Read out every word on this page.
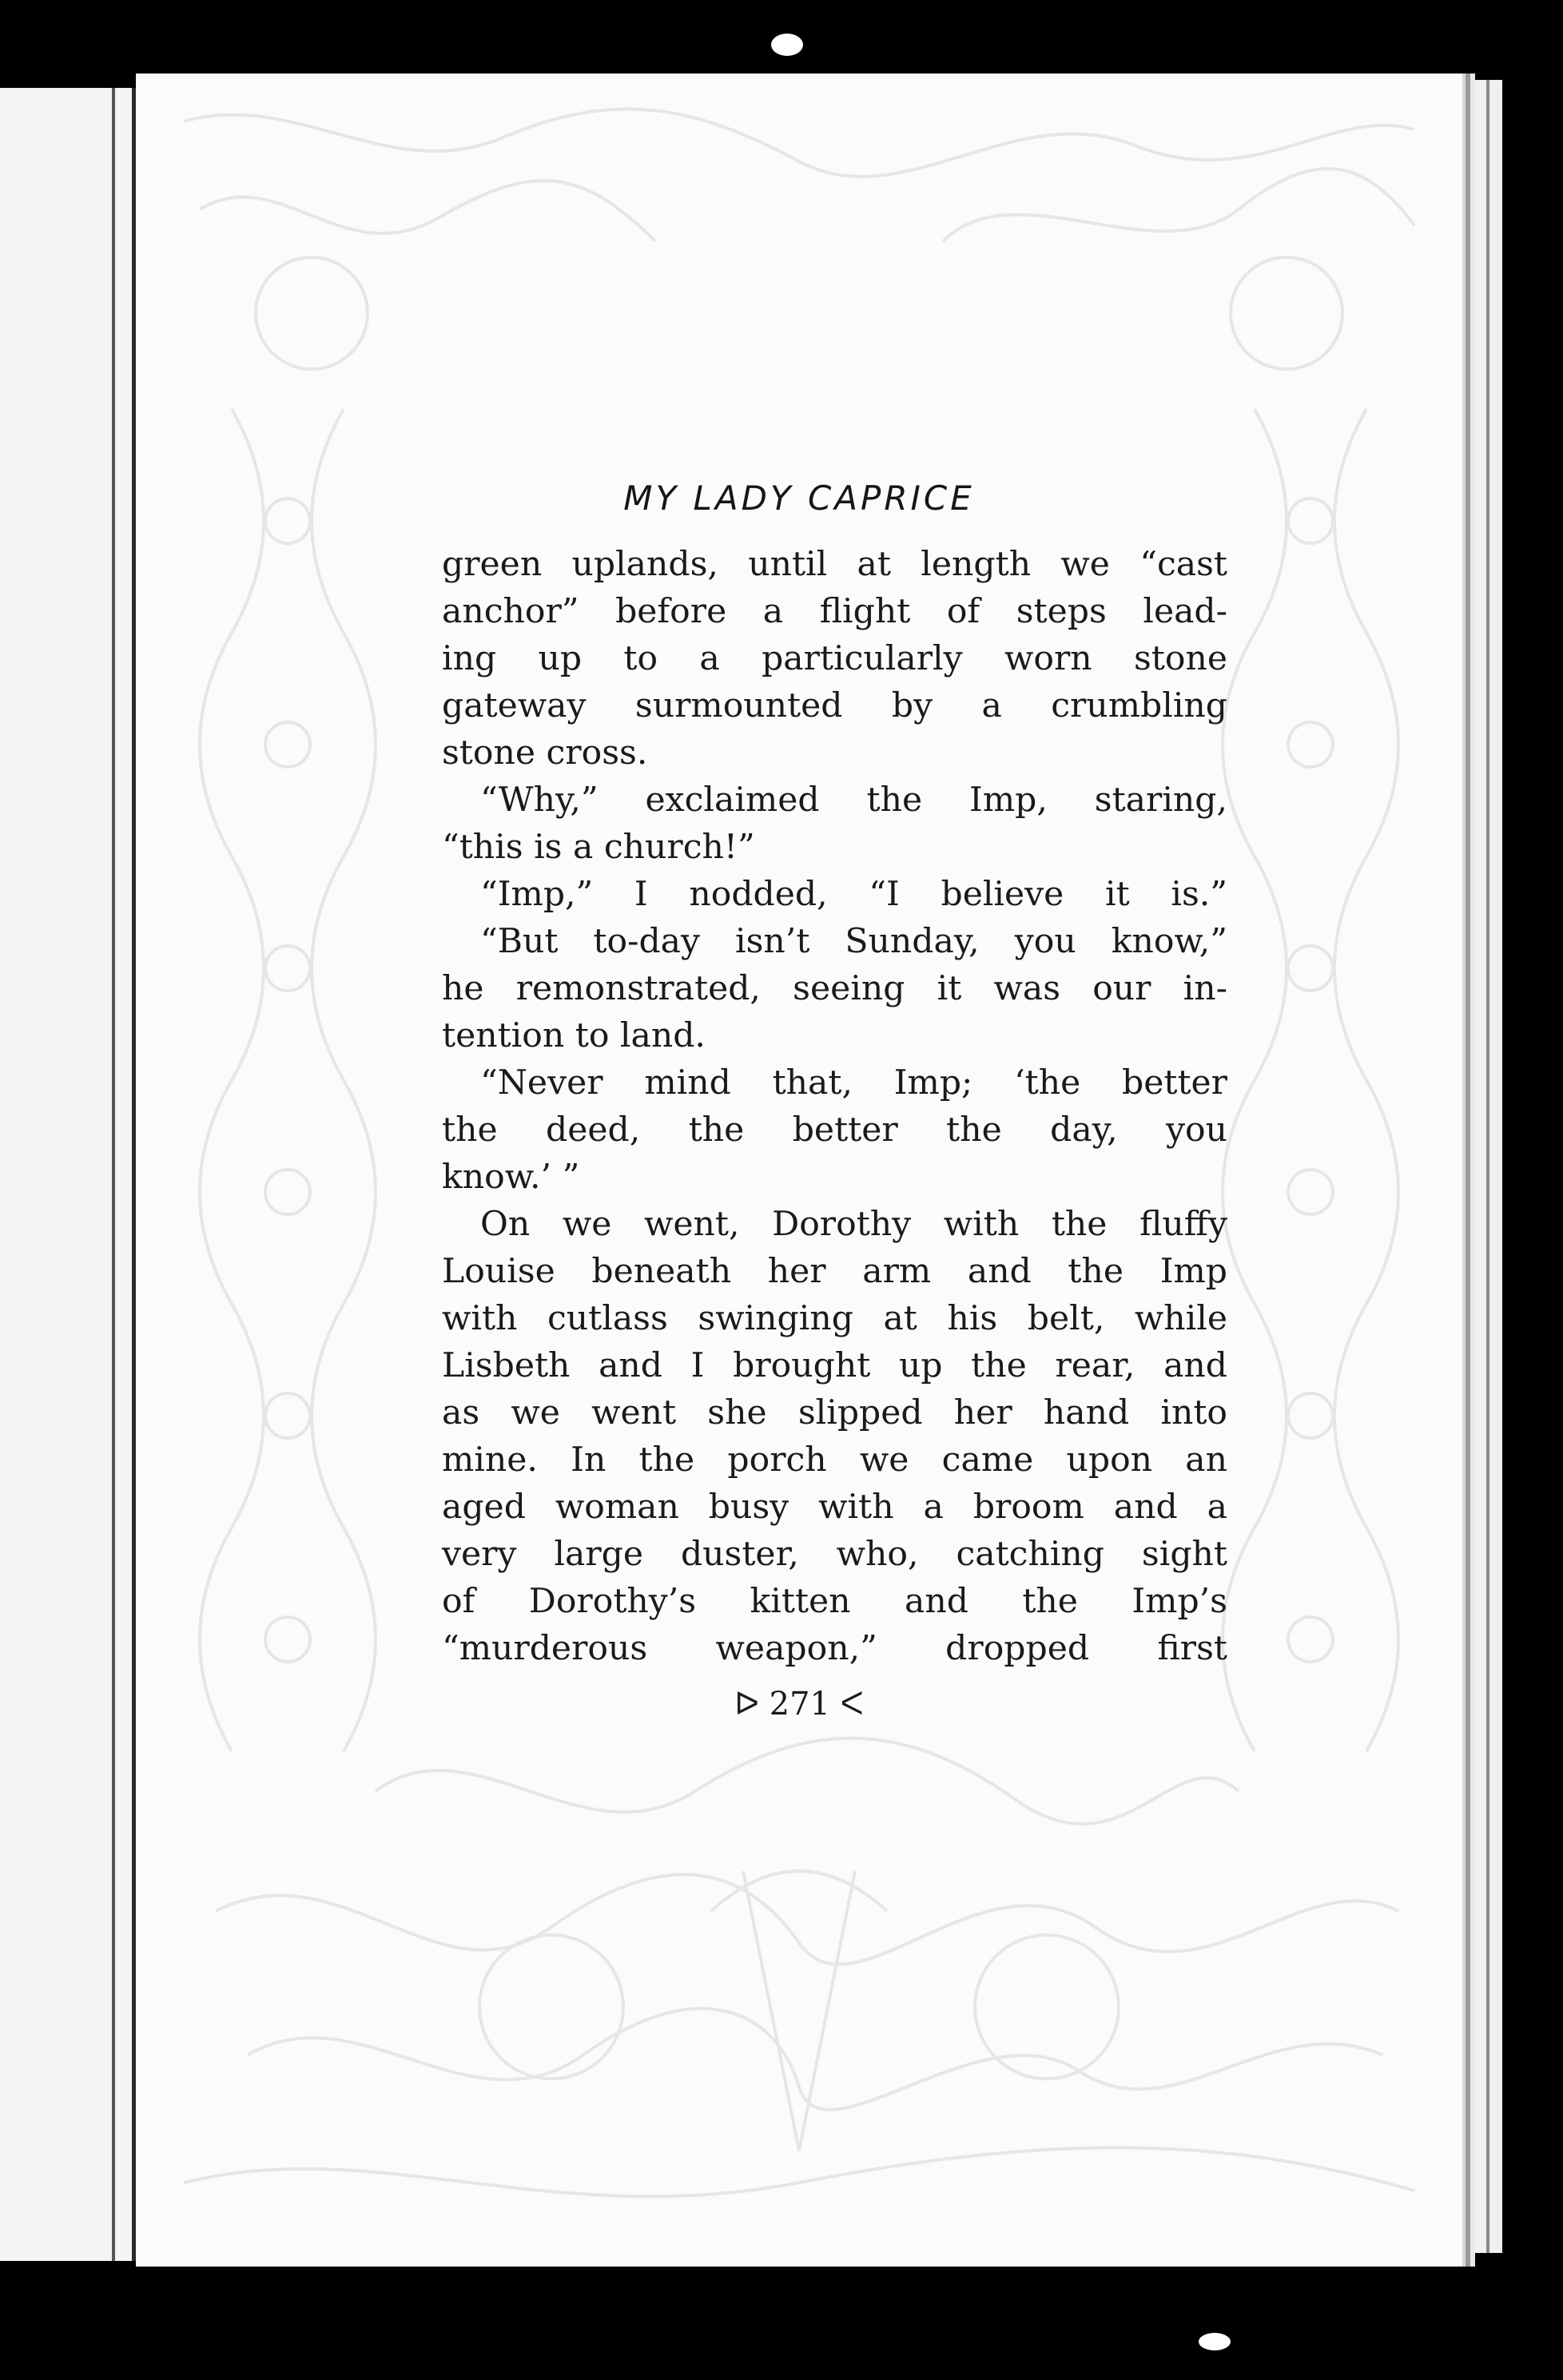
MY LADY CAPRICE
green uplands, until at length we “cast
anchor” before a flight of steps lead-
ing up to a particularly worn stone
gateway surmounted by a crumbling
stone cross.
“Why,” exclaimed the Imp, staring,
“this is a church!”
“Imp,” I nodded, “I believe it is.”
“But to-day isn’t Sunday, you know,”
he remonstrated, seeing it was our in-
tention to land.
“Never mind that, Imp; ‘the better
the deed, the better the day, you
know.’ ”
On we went, Dorothy with the fluffy
Louise beneath her arm and the Imp
with cutlass swinging at his belt, while
Lisbeth and I brought up the rear, and
as we went she slipped her hand into
mine. In the porch we came upon an
aged woman busy with a broom and a
very large duster, who, catching sight
of Dorothy’s kitten and the Imp’s
“murderous weapon,” dropped first
ᐅ 271 ᐸ
